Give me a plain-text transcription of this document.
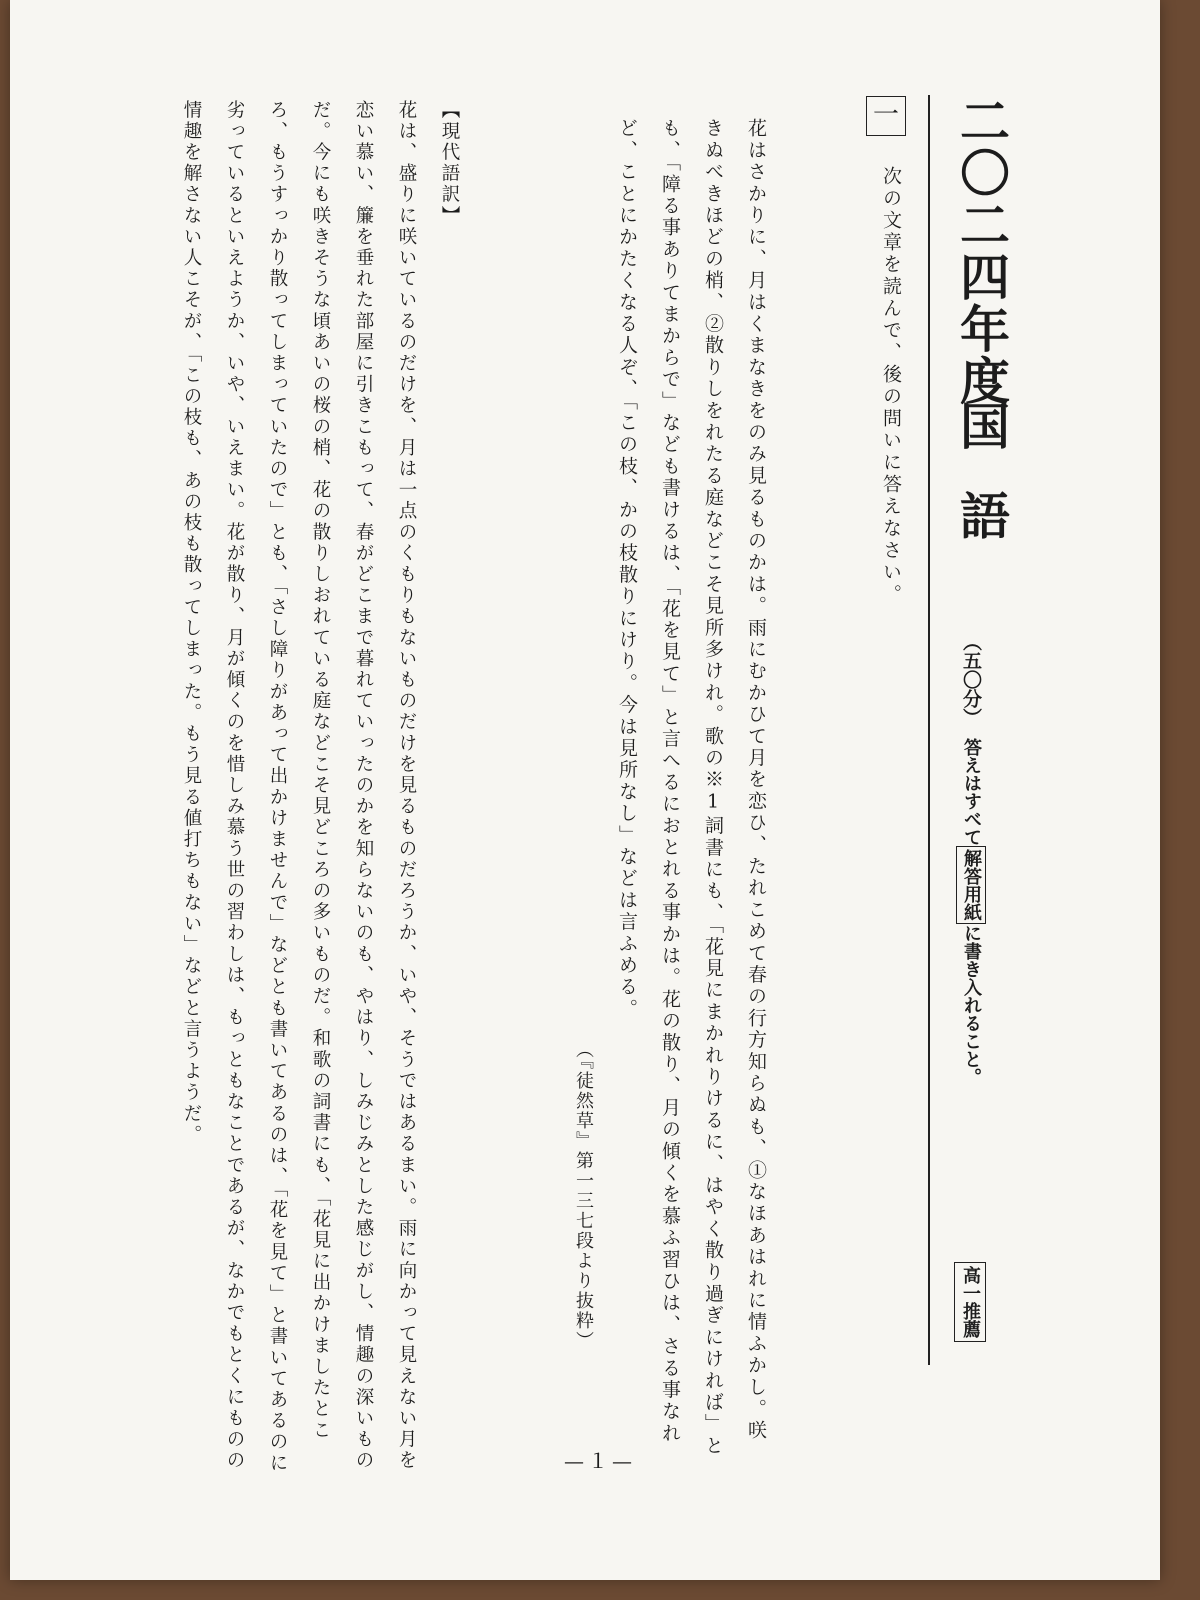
二〇二四年度
国語
（五〇分）
答えはすべて解答用紙に書き入れること。
高一推薦
一
次の文章を読んで、後の問いに答えなさい。
花はさかりに、月はくまなきをのみ見るものかは。雨にむかひて月を恋ひ、たれこめて春の行方知らぬも、①なほあはれに情ふかし。咲きぬべきほどの梢、②散りしをれたる庭などこそ見所多けれ。歌の※1詞書にも、「花見にまかれりけるに、はやく散り過ぎにければ」とも、「障る事ありてまからで」なども書けるは、「花を見て」と言へるにおとれる事かは。花の散り、月の傾くを慕ふ習ひは、さる事なれど、ことにかたくなる人ぞ、「この枝、かの枝散りにけり。今は見所なし」などは言ふめる。
（『徒然草』第一三七段より抜粋）
【現代語訳】
花は、盛りに咲いているのだけを、月は一点のくもりもないものだけを見るものだろうか、いや、そうではあるまい。雨に向かって見えない月を恋い慕い、簾を垂れた部屋に引きこもって、春がどこまで暮れていったのかを知らないのも、やはり、しみじみとした感じがし、情趣の深いものだ。今にも咲きそうな頃あいの桜の梢、花の散りしおれている庭などこそ見どころの多いものだ。和歌の詞書にも、「花見に出かけましたところ、もうすっかり散ってしまっていたので」とも、「さし障りがあって出かけませんで」などとも書いてあるのは、「花を見て」と書いてあるのに劣っているといえようか、いや、いえまい。花が散り、月が傾くのを惜しみ慕う世の習わしは、もっともなことであるが、なかでもとくにものの情趣を解さない人こそが、「この枝も、あの枝も散ってしまった。もう見る値打ちもない」などと言うようだ。
—１—
